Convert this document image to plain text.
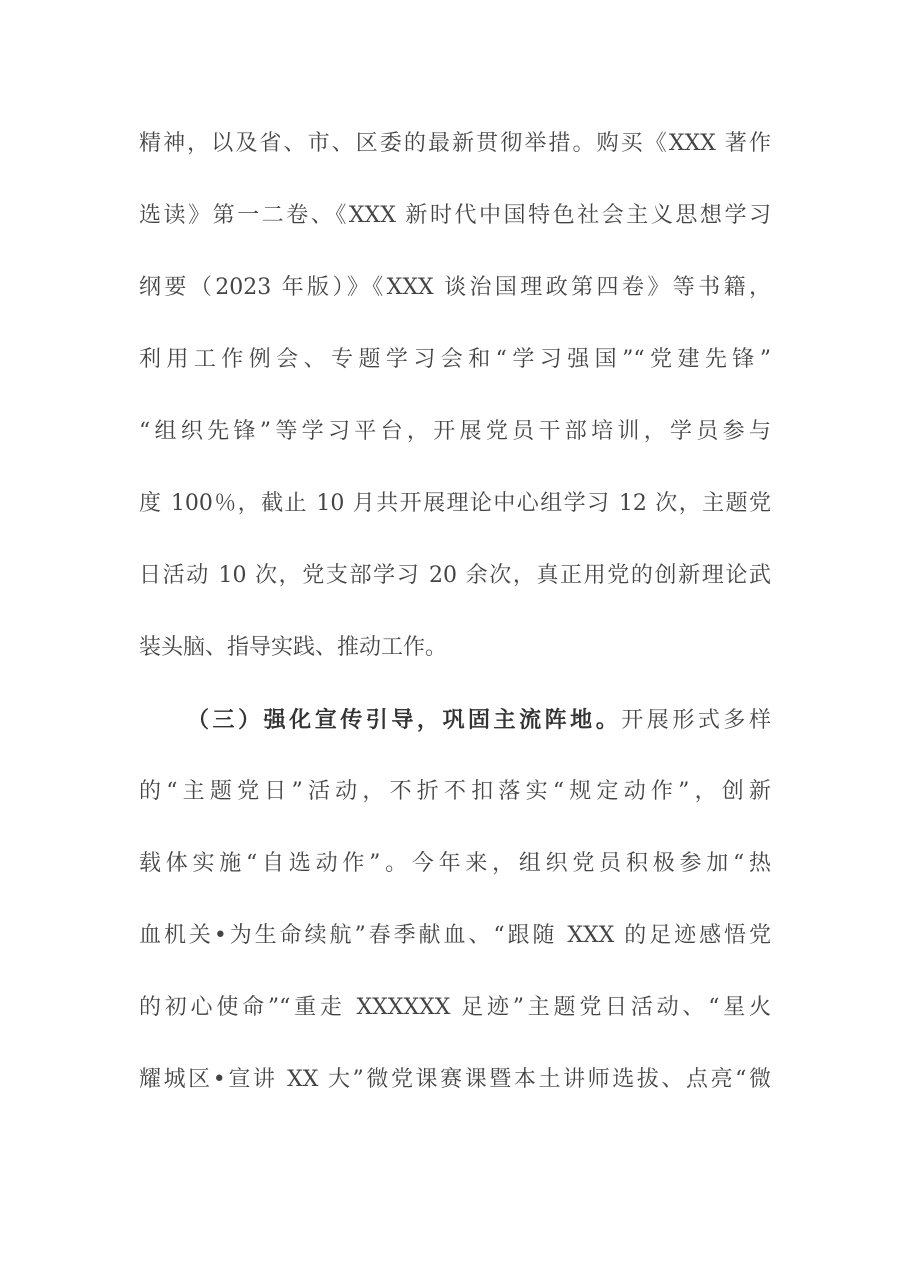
精神，以及省、市、区委的最新贯彻举措。购买《XXX 著作
选读》第一二卷、《XXX 新时代中国特色社会主义思想学习
纲要（2023 年版）》《XXX 谈治国理政第四卷》等书籍，
利用工作例会、专题学习会和“学习强国”“党建先锋”
“组织先锋”等学习平台，开展党员干部培训，学员参与
度 100％，截止 10 月共开展理论中心组学习 12 次，主题党
日活动 10 次，党支部学习 20 余次，真正用党的创新理论武
装头脑、指导实践、推动工作。
（三）强化宣传引导，巩固主流阵地。开展形式多样
的“主题党日”活动，不折不扣落实“规定动作”，创新
载体实施“自选动作”。今年来，组织党员积极参加“热
血机关•为生命续航”春季献血、“跟随 XXX 的足迹感悟党
的初心使命”“重走 XXXXXX 足迹”主题党日活动、“星火
耀城区•宣讲 XX 大”微党课赛课暨本土讲师选拔、点亮“微
